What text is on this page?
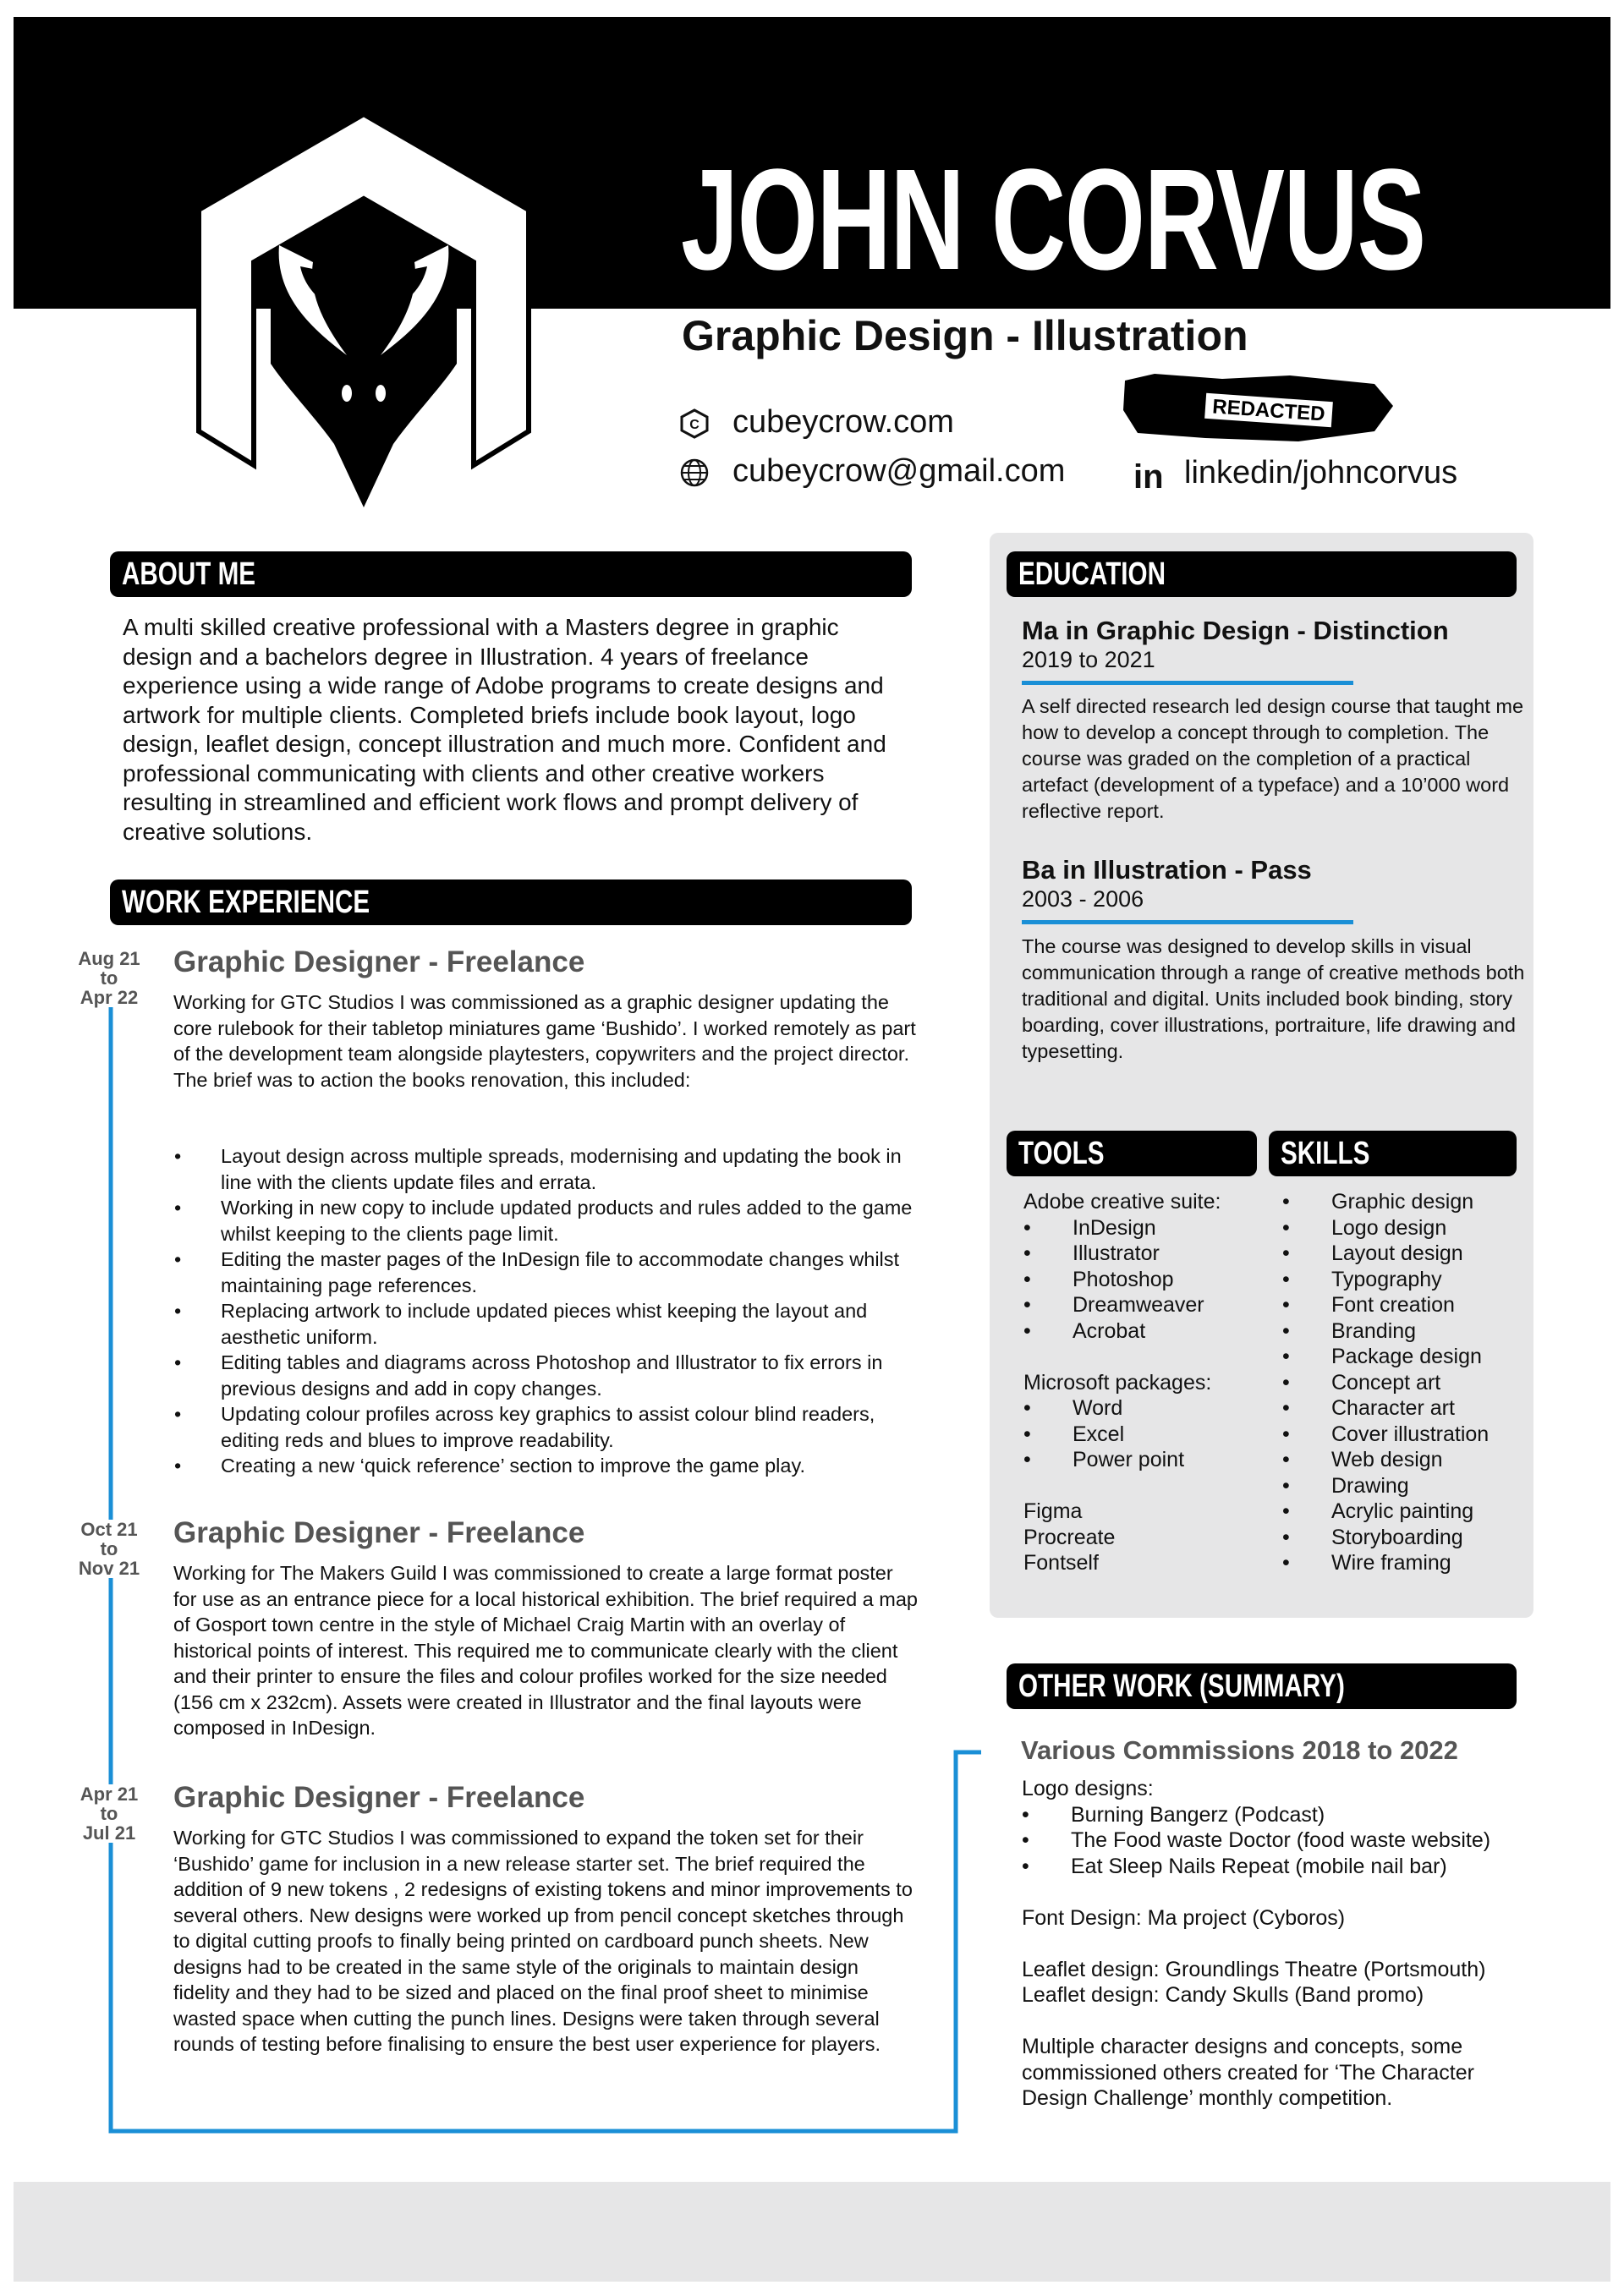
JOHN CORVUS
Graphic Design - Illustration
C cubeycrow.com
cubeycrow@gmail.com
REDACTED
in linkedin/johncorvus
ABOUT ME
A multi skilled creative professional with a Masters degree in graphic design and a bachelors degree in Illustration. 4 years of freelance experience using a wide range of Adobe programs to create designs and artwork for multiple clients. Completed briefs include book layout, logo design, leaflet design, concept illustration and much more. Confident and professional communicating with clients and other creative workers resulting in streamlined and efficient work flows and prompt delivery of creative solutions.
WORK EXPERIENCE
Aug 21
to
Apr 22
Graphic Designer - Freelance
Working for GTC Studios I was commissioned as a graphic designer updating the core rulebook for their tabletop miniatures game ‘Bushido’. I worked remotely as part of the development team alongside playtesters, copywriters and the project director. The brief was to action the books renovation, this included:
• Layout design across multiple spreads, modernising and updating the book in line with the clients update files and errata.
• Working in new copy to include updated products and rules added to the game whilst keeping to the clients page limit.
• Editing the master pages of the InDesign file to accommodate changes whilst maintaining page references.
• Replacing artwork to include updated pieces whist keeping the layout and aesthetic uniform.
• Editing tables and diagrams across Photoshop and Illustrator to fix errors in previous designs and add in copy changes.
• Updating colour profiles across key graphics to assist colour blind readers, editing reds and blues to improve readability.
• Creating a new ‘quick reference’ section to improve the game play.
Oct 21
to
Nov 21
Graphic Designer - Freelance
Working for The Makers Guild I was commissioned to create a large format poster for use as an entrance piece for a local historical exhibition. The brief required a map of Gosport town centre in the style of Michael Craig Martin with an overlay of historical points of interest. This required me to communicate clearly with the client and their printer to ensure the files and colour profiles worked for the size needed (156 cm x 232cm). Assets were created in Illustrator and the final layouts were composed in InDesign.
Apr 21
to
Jul 21
Graphic Designer - Freelance
Working for GTC Studios I was commissioned to expand the token set for their ‘Bushido’ game for inclusion in a new release starter set. The brief required the addition of 9 new tokens , 2 redesigns of existing tokens and minor improvements to several others. New designs were worked up from pencil concept sketches through to digital cutting proofs to finally being printed on cardboard punch sheets. New designs had to be created in the same style of the originals to maintain design fidelity and they had to be sized and placed on the final proof sheet to minimise wasted space when cutting the punch lines. Designs were taken through several rounds of testing before finalising to ensure the best user experience for players.
EDUCATION
Ma in Graphic Design - Distinction
2019 to 2021
A self directed research led design course that taught me how to develop a concept through to completion. The course was graded on the completion of a practical artefact (development of a typeface) and a 10’000 word reflective report.
Ba in Illustration - Pass
2003 - 2006
The course was designed to develop skills in visual communication through a range of creative methods both traditional and digital. Units included book binding, story boarding, cover illustrations, portraiture, life drawing and typesetting.
TOOLS	SKILLS
Adobe creative suite:
• InDesign
• Illustrator
• Photoshop
• Dreamweaver
• Acrobat
Microsoft packages:
• Word
• Excel
• Power point
Figma
Procreate
Fontself
• Graphic design
• Logo design
• Layout design
• Typography
• Font creation
• Branding
• Package design
• Concept art
• Character art
• Cover illustration
• Web design
• Drawing
• Acrylic painting
• Storyboarding
• Wire framing
OTHER WORK (SUMMARY)
Various Commissions 2018 to 2022
Logo designs:
• Burning Bangerz (Podcast)
• The Food waste Doctor (food waste website)
• Eat Sleep Nails Repeat (mobile nail bar)
Font Design: Ma project (Cyboros)
Leaflet design: Groundlings Theatre (Portsmouth)
Leaflet design: Candy Skulls (Band promo)
Multiple character designs and concepts, some commissioned others created for ‘The Character Design Challenge’ monthly competition.
